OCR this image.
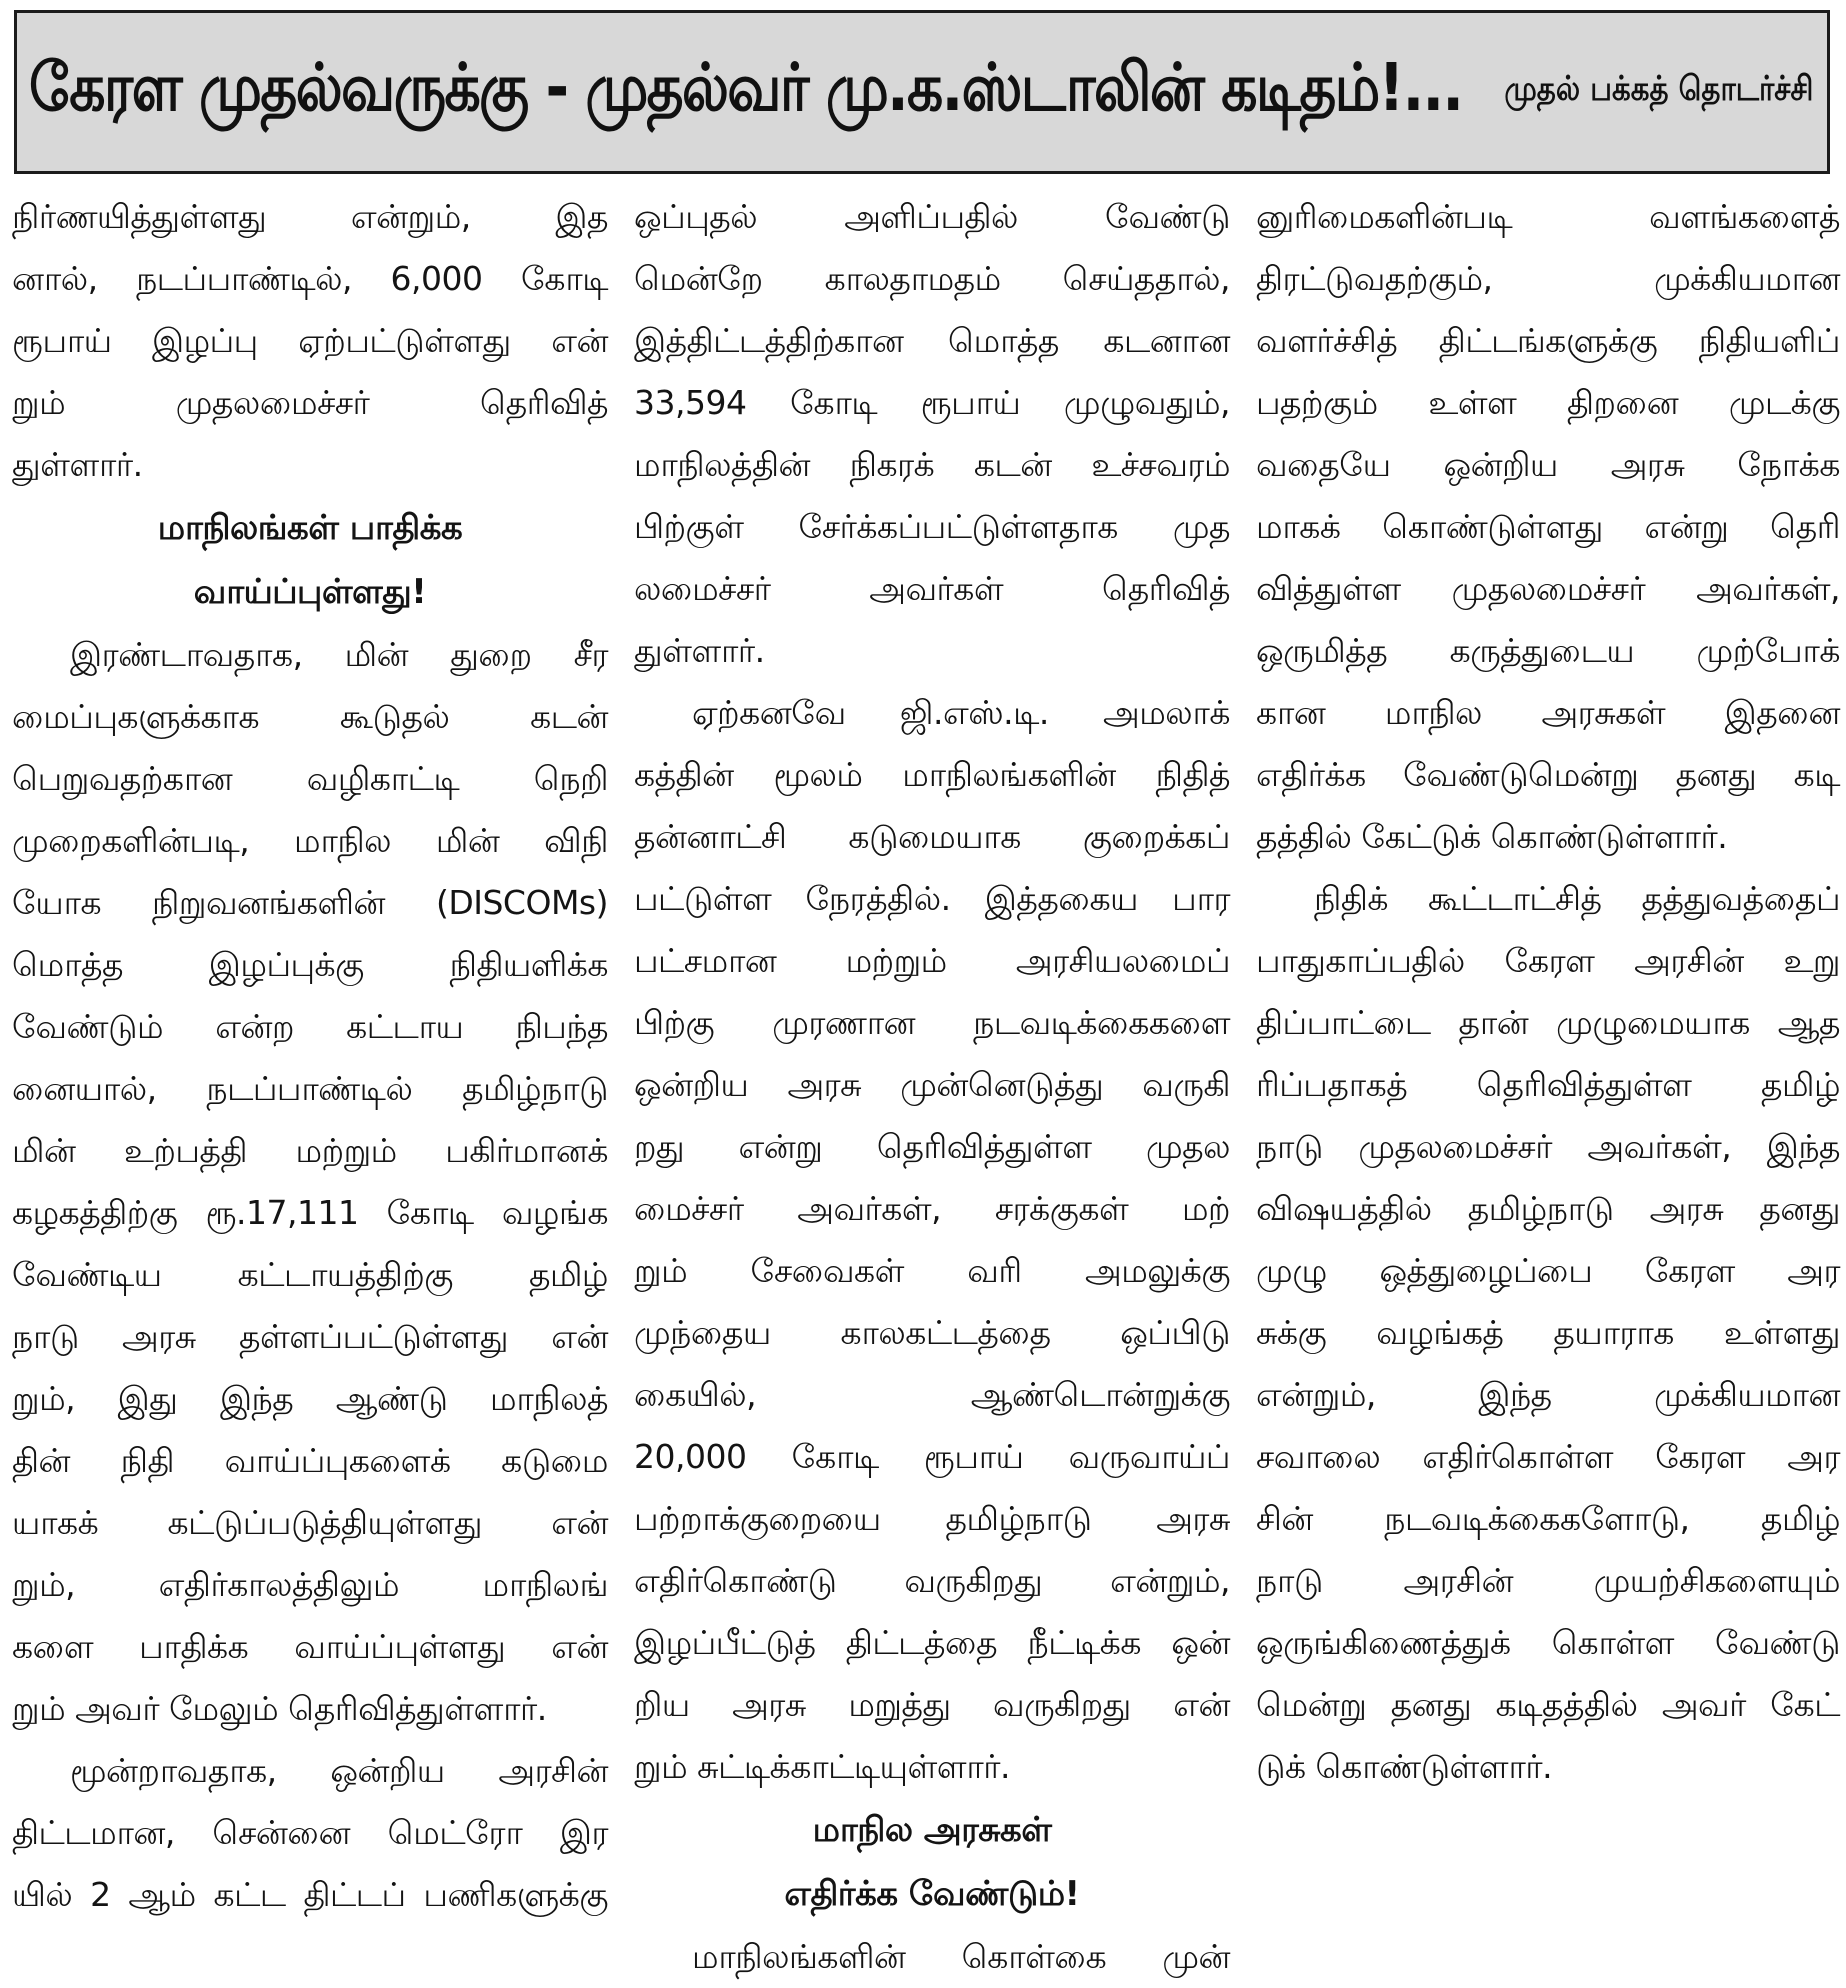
கேரள முதல்வருக்கு - முதல்வர் மு.க.ஸ்டாலின் கடிதம்!... முதல் பக்கத் தொடர்ச்சி
நிர்ணயித்துள்ளது என்றும், இத
னால், நடப்பாண்டில், 6,000 கோடி
ரூபாய் இழப்பு ஏற்பட்டுள்ளது என்
றும் முதலமைச்சர் தெரிவித்
துள்ளார்.
மாநிலங்கள் பாதிக்க
வாய்ப்புள்ளது!
இரண்டாவதாக, மின் துறை சீர
மைப்புகளுக்காக கூடுதல் கடன்
பெறுவதற்கான வழிகாட்டி நெறி
முறைகளின்படி, மாநில மின் விநி
யோக நிறுவனங்களின் (DISCOMs)
மொத்த இழப்புக்கு நிதியளிக்க
வேண்டும் என்ற கட்டாய நிபந்த
னையால், நடப்பாண்டில் தமிழ்நாடு
மின் உற்பத்தி மற்றும் பகிர்மானக்
கழகத்திற்கு ரூ.17,111 கோடி வழங்க
வேண்டிய கட்டாயத்திற்கு தமிழ்
நாடு அரசு தள்ளப்பட்டுள்ளது என்
றும், இது இந்த ஆண்டு மாநிலத்
தின் நிதி வாய்ப்புகளைக் கடுமை
யாகக் கட்டுப்படுத்தியுள்ளது என்
றும், எதிர்காலத்திலும் மாநிலங்
களை பாதிக்க வாய்ப்புள்ளது என்
றும் அவர் மேலும் தெரிவித்துள்ளார்.
மூன்றாவதாக, ஒன்றிய அரசின்
திட்டமான, சென்னை மெட்ரோ இர
யில் 2 ஆம் கட்ட திட்டப் பணிகளுக்கு
ஒப்புதல் அளிப்பதில் வேண்டு
மென்றே காலதாமதம் செய்ததால்,
இத்திட்டத்திற்கான மொத்த கடனான
33,594 கோடி ரூபாய் முழுவதும்,
மாநிலத்தின் நிகரக் கடன் உச்சவரம்
பிற்குள் சேர்க்கப்பட்டுள்ளதாக முத
லமைச்சர் அவர்கள் தெரிவித்
துள்ளார்.
ஏற்கனவே ஜி.எஸ்.டி. அமலாக்
கத்தின் மூலம் மாநிலங்களின் நிதித்
தன்னாட்சி கடுமையாக குறைக்கப்
பட்டுள்ள நேரத்தில். இத்தகைய பார
பட்சமான மற்றும் அரசியலமைப்
பிற்கு முரணான நடவடிக்கைகளை
ஒன்றிய அரசு முன்னெடுத்து வருகி
றது என்று தெரிவித்துள்ள முதல
மைச்சர் அவர்கள், சரக்குகள் மற்
றும் சேவைகள் வரி அமலுக்கு
முந்தைய காலகட்டத்தை ஒப்பிடு
கையில், ஆண்டொன்றுக்கு
20,000 கோடி ரூபாய் வருவாய்ப்
பற்றாக்குறையை தமிழ்நாடு அரசு
எதிர்கொண்டு வருகிறது என்றும்,
இழப்பீட்டுத் திட்டத்தை நீட்டிக்க ஒன்
றிய அரசு மறுத்து வருகிறது என்
றும் சுட்டிக்காட்டியுள்ளார்.
மாநில அரசுகள்
எதிர்க்க வேண்டும்!
மாநிலங்களின் கொள்கை முன்
னுரிமைகளின்படி வளங்களைத்
திரட்டுவதற்கும், முக்கியமான
வளர்ச்சித் திட்டங்களுக்கு நிதியளிப்
பதற்கும் உள்ள திறனை முடக்கு
வதையே ஒன்றிய அரசு நோக்க
மாகக் கொண்டுள்ளது என்று தெரி
வித்துள்ள முதலமைச்சர் அவர்கள்,
ஒருமித்த கருத்துடைய முற்போக்
கான மாநில அரசுகள் இதனை
எதிர்க்க வேண்டுமென்று தனது கடி
தத்தில் கேட்டுக் கொண்டுள்ளார்.
நிதிக் கூட்டாட்சித் தத்துவத்தைப்
பாதுகாப்பதில் கேரள அரசின் உறு
திப்பாட்டை தான் முழுமையாக ஆத
ரிப்பதாகத் தெரிவித்துள்ள தமிழ்
நாடு முதலமைச்சர் அவர்கள், இந்த
விஷயத்தில் தமிழ்நாடு அரசு தனது
முழு ஒத்துழைப்பை கேரள அர
சுக்கு வழங்கத் தயாராக உள்ளது
என்றும், இந்த முக்கியமான
சவாலை எதிர்கொள்ள கேரள அர
சின் நடவடிக்கைகளோடு, தமிழ்
நாடு அரசின் முயற்சிகளையும்
ஒருங்கிணைத்துக் கொள்ள வேண்டு
மென்று தனது கடிதத்தில் அவர் கேட்
டுக் கொண்டுள்ளார்.
